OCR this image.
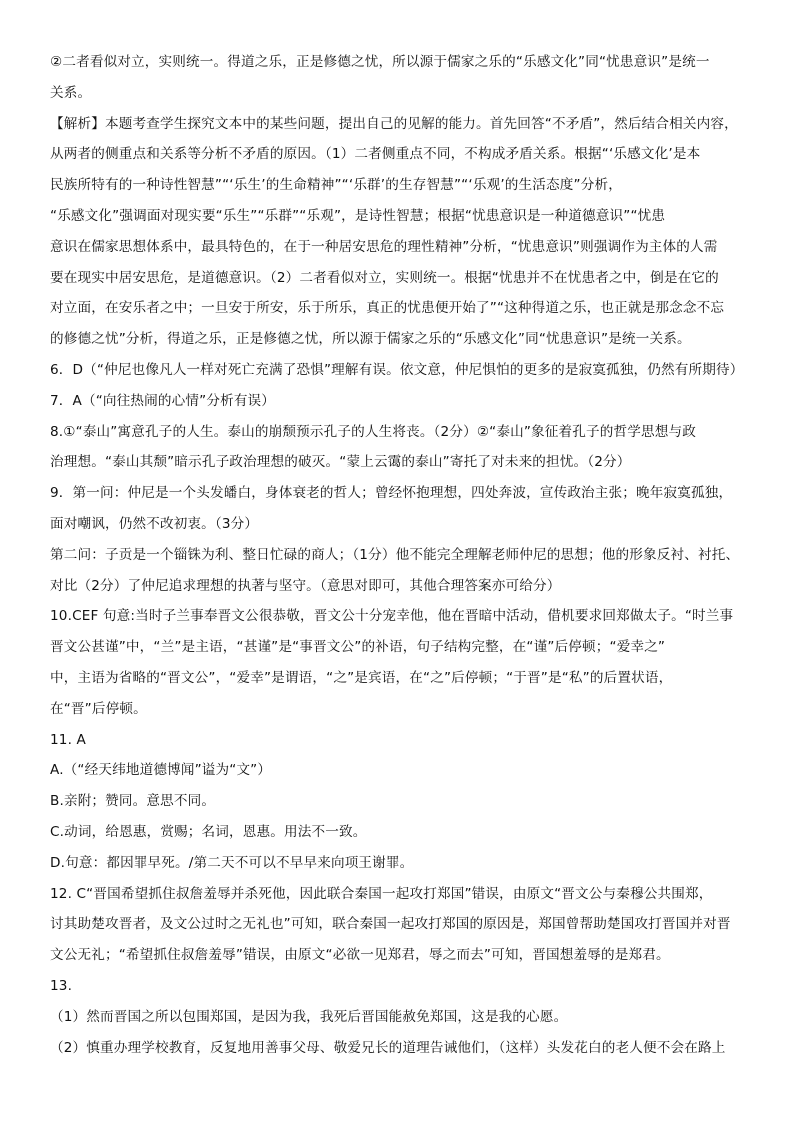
②二者看似对立，实则统一。得道之乐，正是修德之忧，所以源于儒家之乐的“乐感文化”同“忧患意识”是统一
关系。
【解析】本题考查学生探究文本中的某些问题，提出自己的见解的能力。首先回答“不矛盾”，然后结合相关内容，
从两者的侧重点和关系等分析不矛盾的原因。（1）二者侧重点不同，不构成矛盾关系。根据“‘乐感文化’是本
民族所特有的一种诗性智慧”“‘乐生’的生命精神”“‘乐群’的生存智慧”“‘乐观’的生活态度”分析，
“乐感文化”强调面对现实要“乐生”“乐群”“乐观”，是诗性智慧；根据“忧患意识是一种道德意识”“忧患
意识在儒家思想体系中，最具特色的，在于一种居安思危的理性精神”分析，“忧患意识”则强调作为主体的人需
要在现实中居安思危，是道德意识。（2）二者看似对立，实则统一。根据“忧患并不在忧患者之中，倒是在它的
对立面，在安乐者之中；一旦安于所安，乐于所乐，真正的忧患便开始了”“这种得道之乐，也正就是那念念不忘
的修德之忧”分析，得道之乐，正是修德之忧，所以源于儒家之乐的“乐感文化”同“忧患意识”是统一关系。
6．D（“仲尼也像凡人一样对死亡充满了恐惧”理解有误。依文意，仲尼惧怕的更多的是寂寞孤独，仍然有所期待）
7．A（“向往热闹的心情”分析有误）
8.①“泰山”寓意孔子的人生。泰山的崩颓预示孔子的人生将丧。（2分）②“泰山”象征着孔子的哲学思想与政
治理想。“泰山其颓”暗示孔子政治理想的破灭。“蒙上云霭的泰山”寄托了对未来的担忧。（2分）
9．第一问：仲尼是一个头发皤白，身体衰老的哲人；曾经怀抱理想，四处奔波，宣传政治主张；晚年寂寞孤独，
面对嘲讽，仍然不改初衷。（3分）
第二问：子贡是一个锱铢为利、整日忙碌的商人；（1分）他不能完全理解老师仲尼的思想；他的形象反衬、衬托、
对比（2分）了仲尼追求理想的执著与坚守。（意思对即可，其他合理答案亦可给分）
10.CEF 句意:当时子兰事奉晋文公很恭敬，晋文公十分宠幸他，他在晋暗中活动，借机要求回郑做太子。“时兰事
晋文公甚谨”中，“兰”是主语，“甚谨”是“事晋文公”的补语，句子结构完整，在“谨”后停顿；“爱幸之”
中，主语为省略的“晋文公”，“爱幸”是谓语，“之”是宾语，在“之”后停顿；“于晋”是“私”的后置状语，
在“晋”后停顿。
11. A
A.（“经天纬地道德博闻”谥为“文”）
B.亲附；赞同。意思不同。
C.动词，给恩惠，赏赐；名词，恩惠。用法不一致。
D.句意：都因罪早死。/第二天不可以不早早来向项王谢罪。
12. C“晋国希望抓住叔詹羞辱并杀死他，因此联合秦国一起攻打郑国”错误，由原文“晋文公与秦穆公共围郑，
讨其助楚攻晋者，及文公过时之无礼也”可知，联合秦国一起攻打郑国的原因是，郑国曾帮助楚国攻打晋国并对晋
文公无礼；“希望抓住叔詹羞辱”错误，由原文“必欲一见郑君，辱之而去”可知，晋国想羞辱的是郑君。
13.
（1）然而晋国之所以包围郑国，是因为我，我死后晋国能赦免郑国，这是我的心愿。
（2）慎重办理学校教育，反复地用善事父母、敬爱兄长的道理告诫他们，（这样）头发花白的老人便不会在路上
